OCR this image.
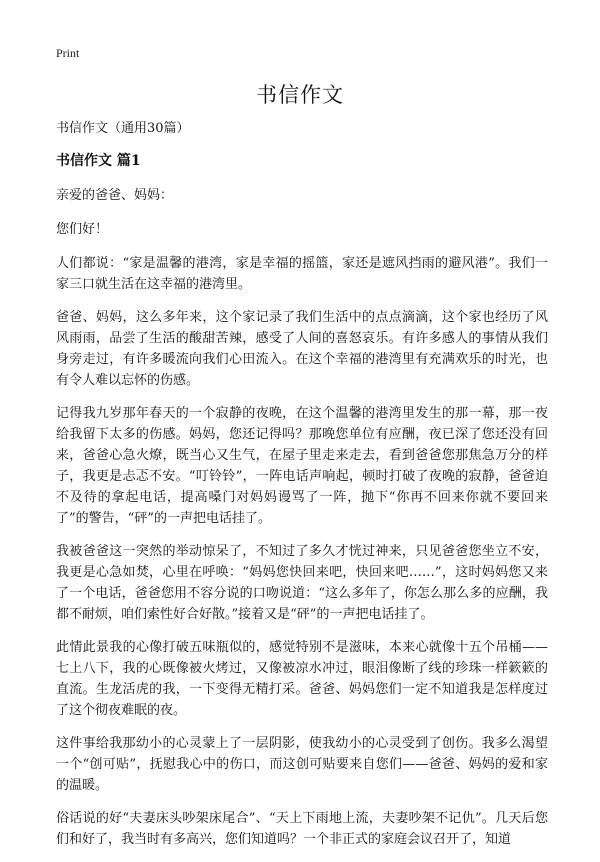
Print
书信作文

书信作文（通用30篇）

书信作文 篇1

亲爱的爸爸、妈妈：

您们好！

人们都说：“家是温馨的港湾，家是幸福的摇篮，家还是遮风挡雨的避风港”。我们一家三口就生活在这幸福的港湾里。

爸爸、妈妈，这么多年来，这个家记录了我们生活中的点点滴滴，这个家也经历了风风雨雨，品尝了生活的酸甜苦辣，感受了人间的喜怒哀乐。有许多感人的事情从我们身旁走过，有许多暖流向我们心田流入。在这个幸福的港湾里有充满欢乐的时光，也有令人难以忘怀的伤感。

记得我九岁那年春天的一个寂静的夜晚，在这个温馨的港湾里发生的那一幕，那一夜给我留下太多的伤感。妈妈，您还记得吗？那晚您单位有应酬，夜已深了您还没有回来，爸爸心急火燎，既当心又生气，在屋子里走来走去，看到爸爸您那焦急万分的样子，我更是忐忑不安。“叮铃铃”，一阵电话声响起，顿时打破了夜晚的寂静，爸爸迫不及待的拿起电话，提高嗓门对妈妈谩骂了一阵，抛下“你再不回来你就不要回来了”的警告，“砰”的一声把电话挂了。

我被爸爸这一突然的举动惊呆了，不知过了多久才恍过神来，只见爸爸您坐立不安，我更是心急如焚，心里在呼唤：“妈妈您快回来吧，快回来吧……”，这时妈妈您又来了一个电话，爸爸您用不容分说的口吻说道：“这么多年了，你怎么那么多的应酬，我都不耐烦，咱们索性好合好散。”接着又是“砰”的一声把电话挂了。

此情此景我的心像打破五味瓶似的，感觉特别不是滋味，本来心就像十五个吊桶——七上八下，我的心既像被火烤过，又像被凉水冲过，眼泪像断了线的珍珠一样簌簌的直流。生龙活虎的我，一下变得无精打采。爸爸、妈妈您们一定不知道我是怎样度过了这个彻夜难眠的夜。

这件事给我那幼小的心灵蒙上了一层阴影，使我幼小的心灵受到了创伤。我多么渴望一个“创可贴”，抚慰我心中的伤口，而这创可贴要来自您们——爸爸、妈妈的爱和家的温暖。

俗话说的好“夫妻床头吵架床尾合”、“天上下雨地上流，夫妻吵架不记仇”。几天后您们和好了，我当时有多高兴，您们知道吗？一个非正式的家庭会议召开了，知道
